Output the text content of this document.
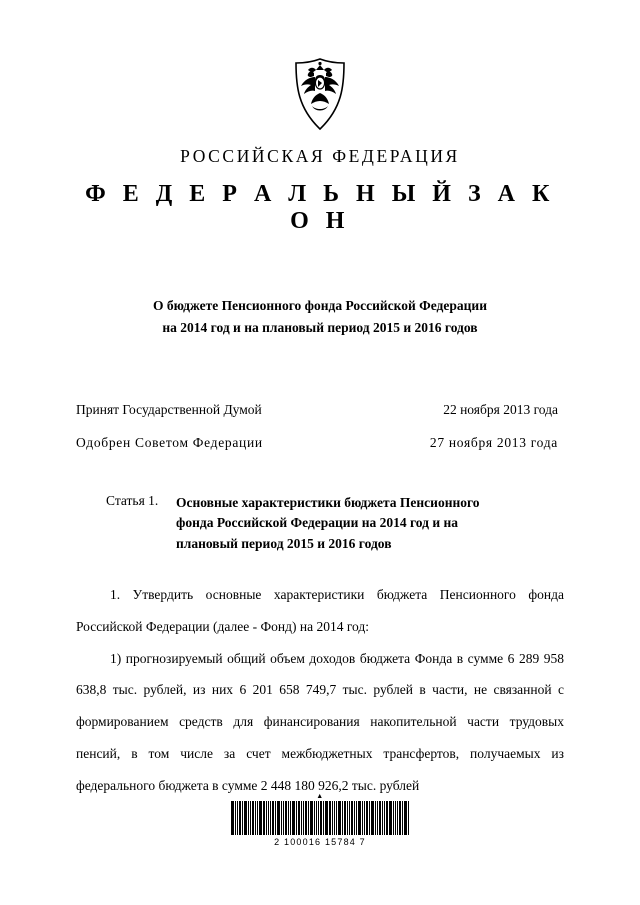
РОССИЙСКАЯ ФЕДЕРАЦИЯ
Ф Е Д Е Р А Л Ь Н Ы Й З А К О Н
О бюджете Пенсионного фонда Российской Федерации
на 2014 год и на плановый период 2015 и 2016 годов
Принят Государственной Думой	22 ноября 2013 года
Одобрен Советом Федерации	27 ноября 2013 года
Статья 1.	Основные характеристики бюджета Пенсионного
фонда Российской Федерации на 2014 год и на
плановый период 2015 и 2016 годов

1. Утвердить основные характеристики бюджета Пенсионного фонда Российской Федерации (далее - Фонд) на 2014 год:

1) прогнозируемый общий объем доходов бюджета Фонда в сумме 6 289 958 638,8 тыс. рублей, из них 6 201 658 749,7 тыс. рублей в части, не связанной с формированием средств для финансирования накопительной части трудовых пенсий, в том числе за счет межбюджетных трансфертов, получаемых из федерального бюджета в сумме 2 448 180 926,2 тыс. рублей

▲
2 100016 15784 7
